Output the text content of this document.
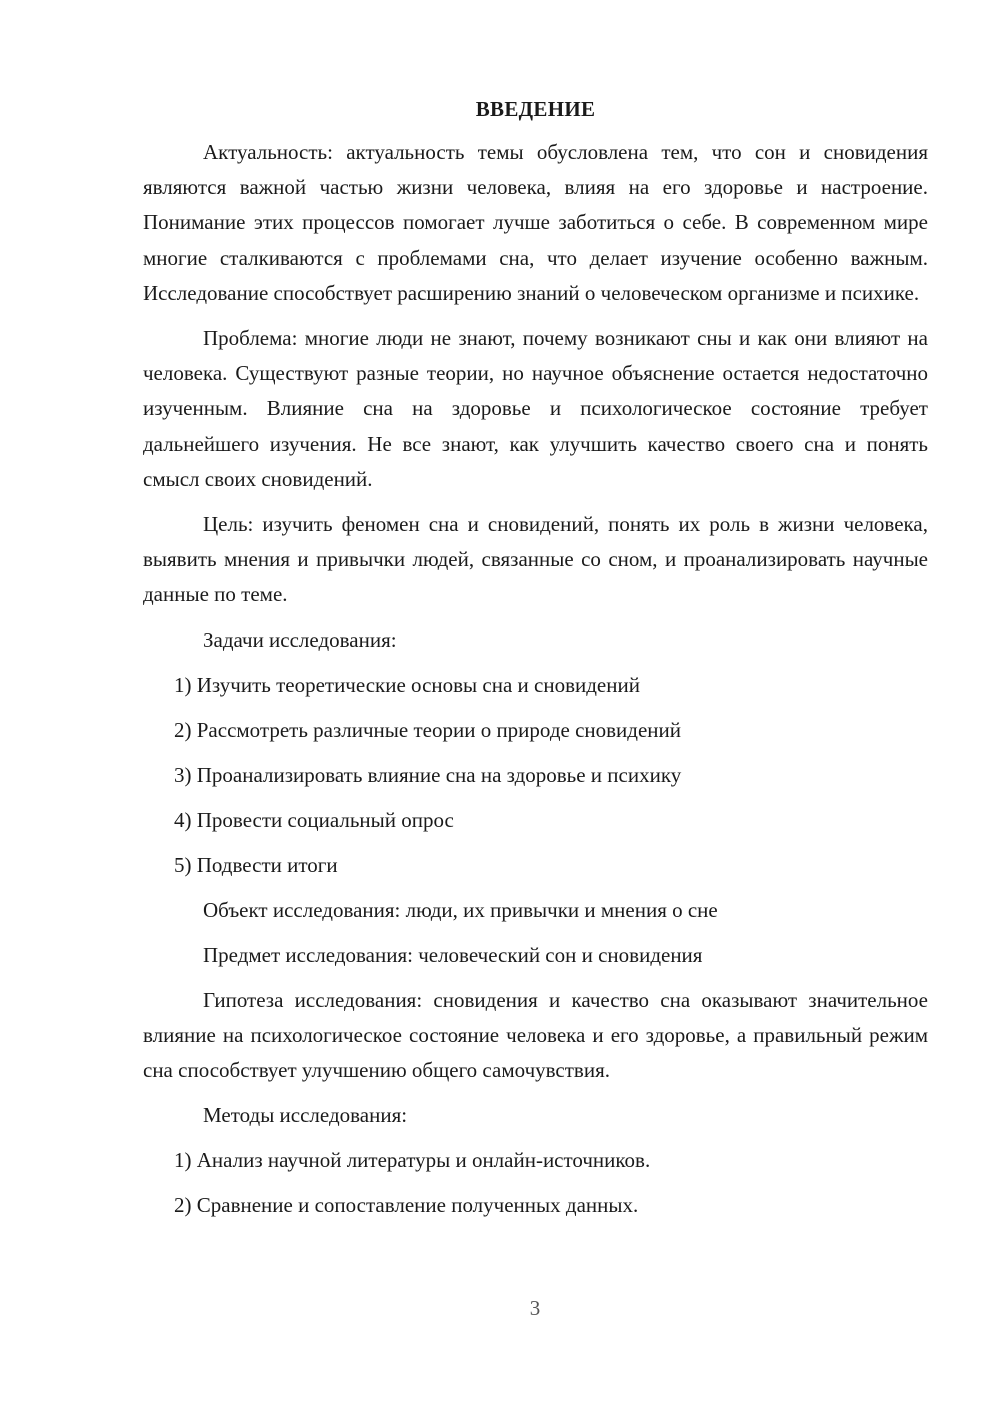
ВВЕДЕНИЕ

Актуальность: актуальность темы обусловлена тем, что сон и сновидения являются важной частью жизни человека, влияя на его здоровье и настроение. Понимание этих процессов помогает лучше заботиться о себе. В современном мире многие сталкиваются с проблемами сна, что делает изучение особенно важным. Исследование способствует расширению знаний о человеческом организме и психике.

Проблема: многие люди не знают, почему возникают сны и как они влияют на человека. Существуют разные теории, но научное объяснение остается недостаточно изученным. Влияние сна на здоровье и психологическое состояние требует дальнейшего изучения. Не все знают, как улучшить качество своего сна и понять смысл своих сновидений.

Цель: изучить феномен сна и сновидений, понять их роль в жизни человека, выявить мнения и привычки людей, связанные со сном, и проанализировать научные данные по теме.

Задачи исследования:
1) Изучить теоретические основы сна и сновидений
2) Рассмотреть различные теории о природе сновидений
3) Проанализировать влияние сна на здоровье и психику
4) Провести социальный опрос
5) Подвести итоги
Объект исследования: люди, их привычки и мнения о сне
Предмет исследования: человеческий сон и сновидения

Гипотеза исследования: сновидения и качество сна оказывают значительное влияние на психологическое состояние человека и его здоровье, а правильный режим сна способствует улучшению общего самочувствия.

Методы исследования:
1) Анализ научной литературы и онлайн-источников.
2) Сравнение и сопоставление полученных данных.
3
